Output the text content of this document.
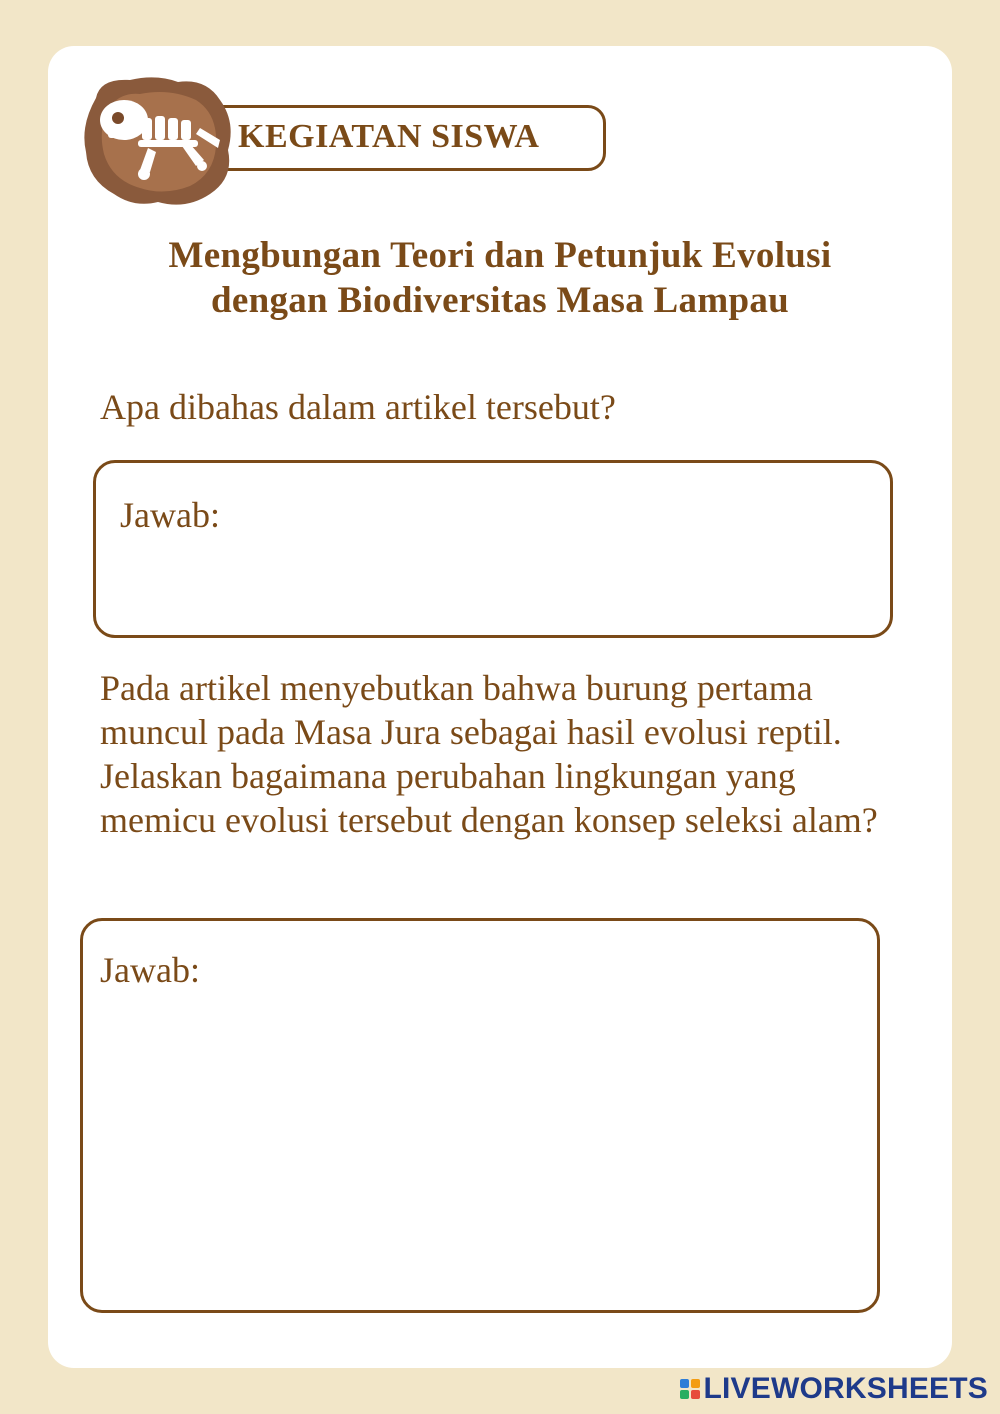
KEGIATAN SISWA
Mengbungan Teori dan Petunjuk Evolusi
dengan Biodiversitas Masa Lampau
Apa dibahas dalam artikel tersebut?
Jawab:
Pada artikel menyebutkan bahwa burung pertama muncul pada Masa Jura sebagai hasil evolusi reptil. Jelaskan bagaimana perubahan lingkungan yang memicu evolusi tersebut dengan konsep seleksi alam?
Jawab:
LIVEWORKSHEETS
